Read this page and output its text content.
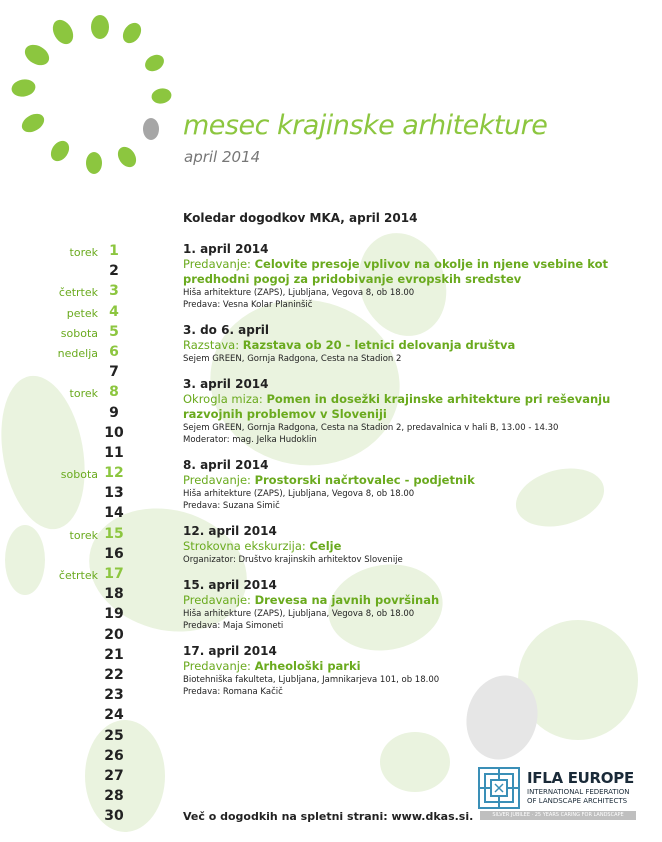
mesec krajinske arhitekture
april 2014
Koledar dogodkov MKA, april 2014
torek 1
2
četrtek 3
petek 4
sobota 5
nedelja 6
7
torek 8
9
10
11
sobota 12
13
14
torek 15
16
četrtek 17
18
19
20
21
22
23
24
25
26
27
28
30
1. april 2014
Predavanje: Celovite presoje vplivov na okolje in njene vsebine kot predhodni pogoj za pridobivanje evropskih sredstev
Hiša arhitekture (ZAPS), Ljubljana, Vegova 8, ob 18.00
Predava: Vesna Kolar Planinšič
3. do 6. april
Razstava: Razstava ob 20 - letnici delovanja društva
Sejem GREEN, Gornja Radgona, Cesta na Stadion 2
3. april 2014
Okrogla miza: Pomen in dosežki krajinske arhitekture pri reševanju razvojnih problemov v Sloveniji
Sejem GREEN, Gornja Radgona, Cesta na Stadion 2, predavalnica v hali B, 13.00 - 14.30
Moderator: mag. Jelka Hudoklin
8. april 2014
Predavanje: Prostorski načrtovalec - podjetnik
Hiša arhitekture (ZAPS), Ljubljana, Vegova 8, ob 18.00
Predava: Suzana Simič
12. april 2014
Strokovna ekskurzija: Celje
Organizator: Društvo krajinskih arhitektov Slovenije
15. april 2014
Predavanje: Drevesa na javnih površinah
Hiša arhitekture (ZAPS), Ljubljana, Vegova 8, ob 18.00
Predava: Maja Simoneti
17. april 2014
Predavanje: Arheološki parki
Biotehniška fakulteta, Ljubljana, Jamnikarjeva 101, ob 18.00
Predava: Romana Kačič
Več o dogodkih na spletni strani: www.dkas.si.
IFLA EUROPE
INTERNATIONAL FEDERATION
OF LANDSCAPE ARCHITECTS
SILVER JUBILEE · 25 YEARS CARING FOR LANDSCAPE
